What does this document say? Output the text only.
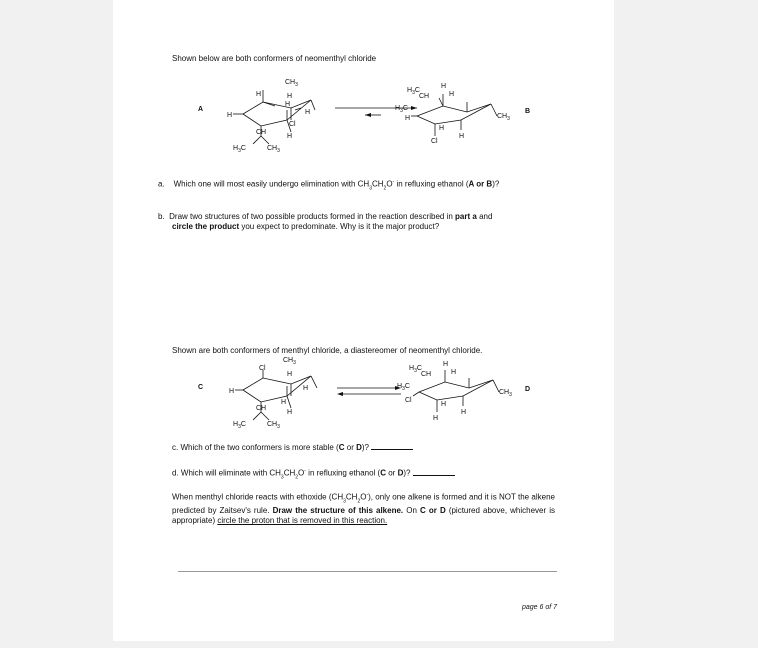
Shown below are both conformers of neomenthyl chloride
A
$CH_3$
H
H
H
H
H
Cl
CH
H
$H_3C$	$CH_3$
$H_3C$
CH
H
H
$H_3C$
H	$CH_3$
H
Cl
H
B
a. Which one will most easily undergo elimination with $CH_3CH_2O^-$ in refluxing ethanol (A or B)?
b. Draw two structures of two possible products formed in the reaction described in part a and
circle the product you expect to predominate. Why is it the major product?
Shown are both conformers of menthyl chloride, a diastereomer of neomenthyl chloride.
C
$CH_3$
Cl
H
H
H
H
CH
H
$H_3C$	$CH_3$
$H_3C$
CH
H
H
$H_3C$
Cl
$CH_3$
H
H
H
D
c. Which of the two conformers is more stable (C or D)?
d. Which will eliminate with $CH_3CH_2O^-$ in refluxing ethanol (C or D)?
When menthyl chloride reacts with ethoxide $(CH_3CH_2O^-)$, only one alkene is formed and it is NOT the alkene predicted by Zaitsev's rule. Draw the structure of this alkene. On C or D (pictured above, whichever is appropriate) circle the proton that is removed in this reaction.
page 6 of 7
